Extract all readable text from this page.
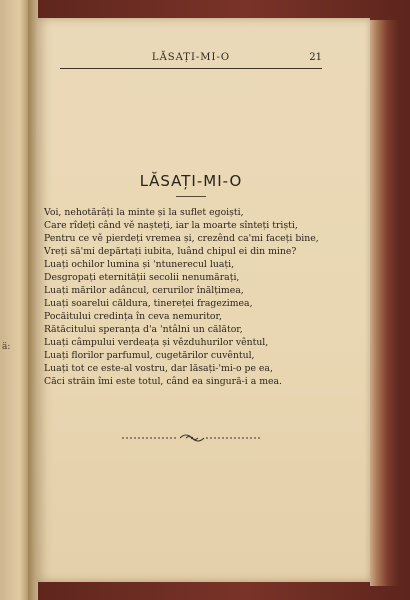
ä:
LĂSAȚI-MI-O	21
LĂSAȚI-MI-O
Voi, nehotărâți la minte și la suflet egoiști,
Care rîdeți când vě nașteți, iar la moarte sînteți triști,
Pentru ce vě pierdeți vremea și, crezênd ca'mi faceți bine,
Vreți să'mi depărtați iubita, luând chipul ei din mine?
Luați ochilor lumina și 'ntunerecul luați,
Desgropați eternității secolii nenumărați,
Luați mărilor adâncul, cerurilor înălțimea,
Luați soarelui căldura, tinereței fragezimea,
Pocăitului credința în ceva nemuritor,
Rătăcitului speranța d'a 'ntâlni un călător,
Luați câmpului verdeața și vězduhurilor vêntul,
Luați florilor parfumul, cugetărilor cuvêntul,
Luați tot ce este-al vostru, dar lăsați-'mi-o pe ea,
Căci străin îmi este totul, când ea singură-i a mea.
